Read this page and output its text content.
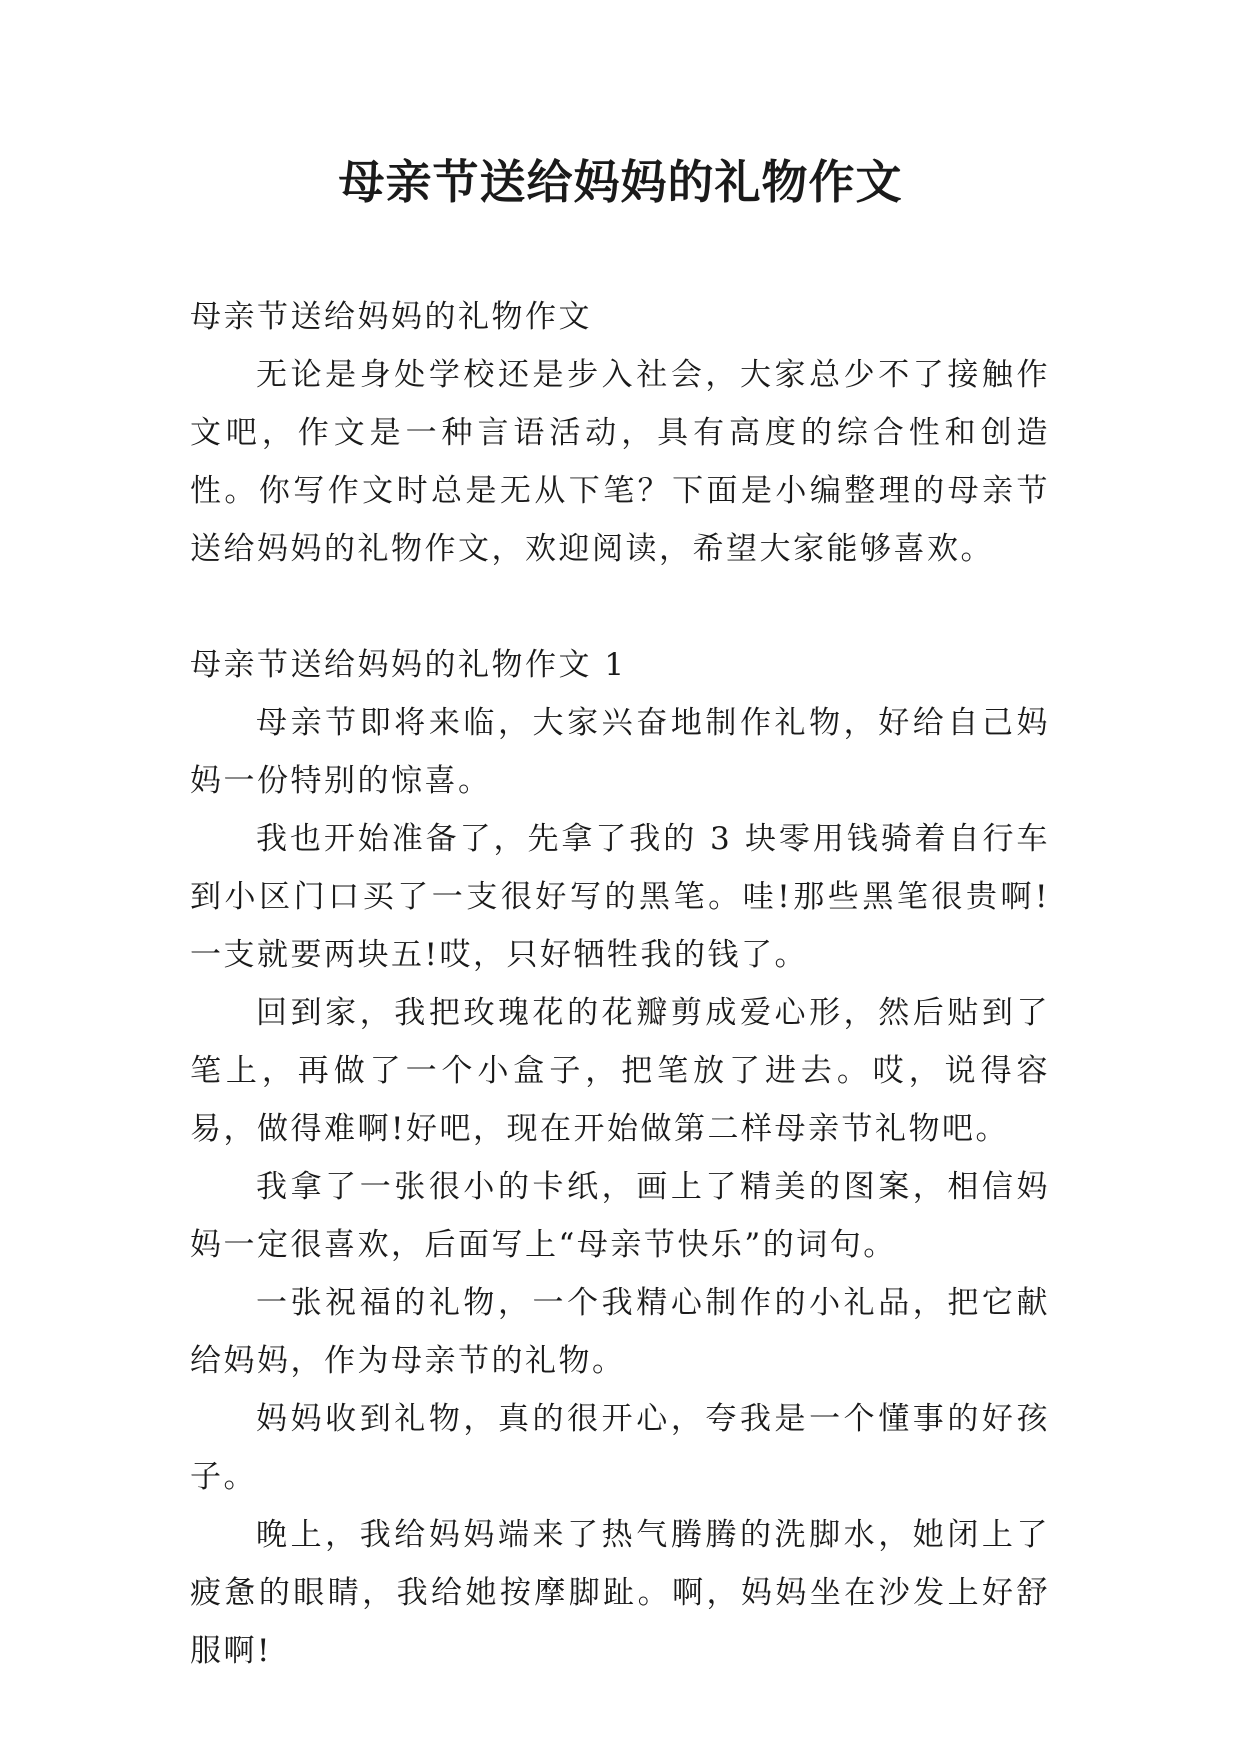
母亲节送给妈妈的礼物作文

母亲节送给妈妈的礼物作文

无论是身处学校还是步入社会，大家总少不了接触作文吧，作文是一种言语活动，具有高度的综合性和创造性。你写作文时总是无从下笔？下面是小编整理的母亲节送给妈妈的礼物作文，欢迎阅读，希望大家能够喜欢。

母亲节送给妈妈的礼物作文 1

母亲节即将来临，大家兴奋地制作礼物，好给自己妈妈一份特别的惊喜。

我也开始准备了，先拿了我的 3 块零用钱骑着自行车到小区门口买了一支很好写的黑笔。哇!那些黑笔很贵啊!一支就要两块五!哎，只好牺牲我的钱了。

回到家，我把玫瑰花的花瓣剪成爱心形，然后贴到了笔上，再做了一个小盒子，把笔放了进去。哎，说得容易，做得难啊!好吧，现在开始做第二样母亲节礼物吧。

我拿了一张很小的卡纸，画上了精美的图案，相信妈妈一定很喜欢，后面写上“母亲节快乐”的词句。

一张祝福的礼物，一个我精心制作的小礼品，把它献给妈妈，作为母亲节的礼物。

妈妈收到礼物，真的很开心，夸我是一个懂事的好孩子。

晚上，我给妈妈端来了热气腾腾的洗脚水，她闭上了疲惫的眼睛，我给她按摩脚趾。啊，妈妈坐在沙发上好舒服啊!
